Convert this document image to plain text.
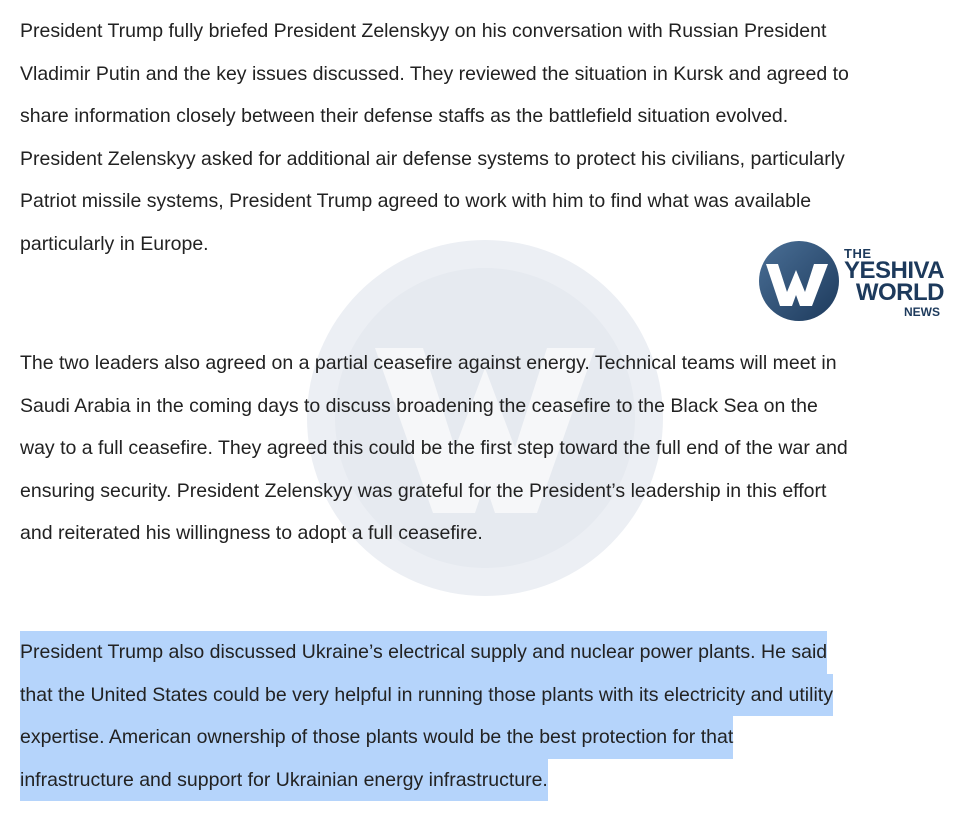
President Trump fully briefed President Zelenskyy on his conversation with Russian President
Vladimir Putin and the key issues discussed. They reviewed the situation in Kursk and agreed to
share information closely between their defense staffs as the battlefield situation evolved.
President Zelenskyy asked for additional air defense systems to protect his civilians, particularly
Patriot missile systems, President Trump agreed to work with him to find what was available
particularly in Europe.
The two leaders also agreed on a partial ceasefire against energy. Technical teams will meet in
Saudi Arabia in the coming days to discuss broadening the ceasefire to the Black Sea on the
way to a full ceasefire. They agreed this could be the first step toward the full end of the war and
ensuring security. President Zelenskyy was grateful for the President’s leadership in this effort
and reiterated his willingness to adopt a full ceasefire.
President Trump also discussed Ukraine’s electrical supply and nuclear power plants. He said
that the United States could be very helpful in running those plants with its electricity and utility
expertise. American ownership of those plants would be the best protection for that
infrastructure and support for Ukrainian energy infrastructure.
THE
YESHIVA
WORLD
NEWS
